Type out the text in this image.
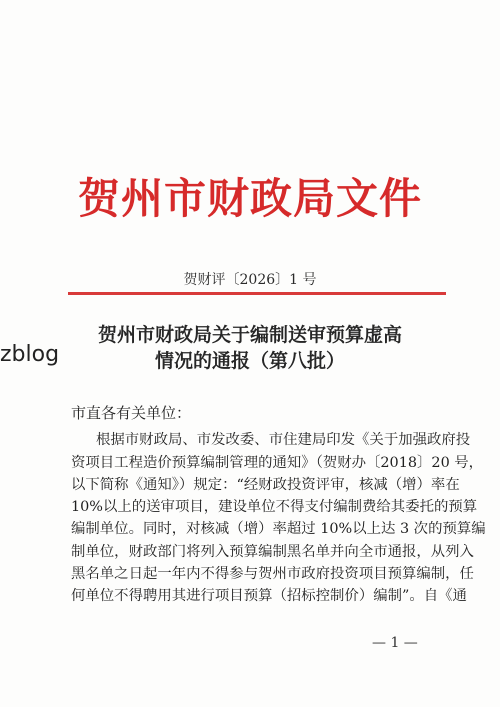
贺州市财政局文件
贺财评〔2026〕1 号
贺州市财政局关于编制送审预算虚高
情况的通报（第八批）
zblog
市直各有关单位：
根据市财政局、市发改委、市住建局印发《关于加强政府投
资项目工程造价预算编制管理的通知》（贺财办〔2018〕20 号，
以下简称《通知》）规定：“经财政投资评审，核减（增）率在
10%以上的送审项目，建设单位不得支付编制费给其委托的预算
编制单位。同时，对核减（增）率超过 10%以上达 3 次的预算编
制单位，财政部门将列入预算编制黑名单并向全市通报，从列入
黑名单之日起一年内不得参与贺州市政府投资项目预算编制，任
何单位不得聘用其进行项目预算（招标控制价）编制”。自《通
— 1 —
